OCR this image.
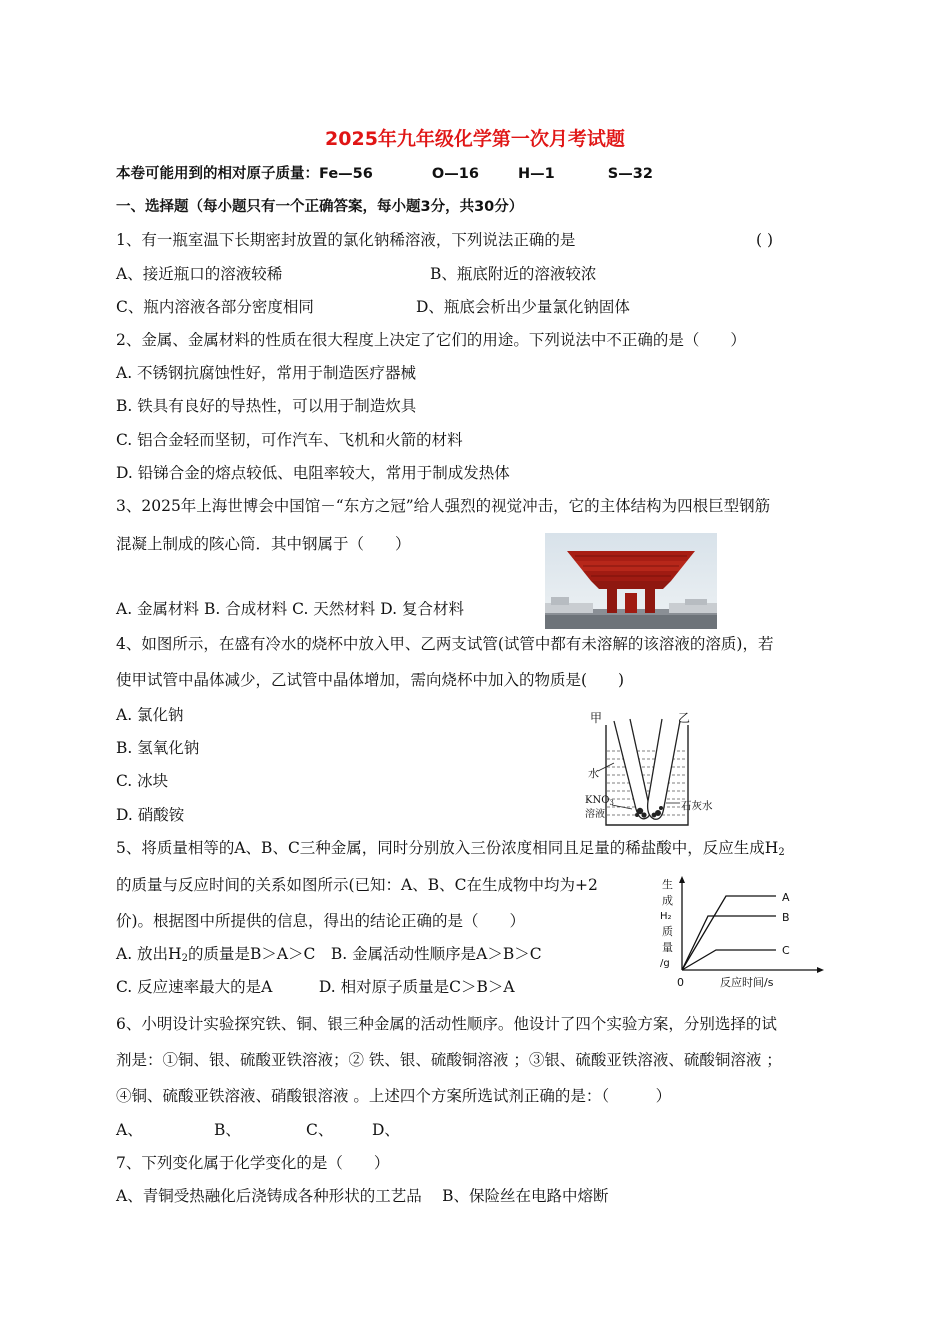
2025年九年级化学第一次月考试题
本卷可能用到的相对原子质量：Fe—56	O—16	H—1	S—32
一、选择题（每小题只有一个正确答案，每小题3分，共30分）
1、有一瓶室温下长期密封放置的氯化钠稀溶液，下列说法正确的是	( )
A、接近瓶口的溶液较稀	B、瓶底附近的溶液较浓
C、瓶内溶液各部分密度相同	D、瓶底会析出少量氯化钠固体
2、金属、金属材料的性质在很大程度上决定了它们的用途。下列说法中不正确的是（　　）
A. 不锈钢抗腐蚀性好，常用于制造医疗器械
B. 铁具有良好的导热性，可以用于制造炊具
C. 铝合金轻而坚韧，可作汽车、飞机和火箭的材料
D. 铅锑合金的熔点较低、电阻率较大，常用于制成发热体
3、2025年上海世博会中国馆－“东方之冠”给人强烈的视觉冲击，它的主体结构为四根巨型钢筋
混凝上制成的陔心筒．其中钢属于（　　）
A. 金属材料 B. 合成材料 C. 天然材料 D. 复合材料
4、如图所示，在盛有冷水的烧杯中放入甲、乙两支试管(试管中都有未溶解的该溶液的溶质)，若
使甲试管中晶体减少，乙试管中晶体增加，需向烧杯中加入的物质是(　　)
A. 氯化钠
B. 氢氧化钠
C. 冰块
D. 硝酸铵
甲	乙
水
$KNO_3$
溶液
石灰水
5、将质量相等的A、B、C三种金属，同时分别放入三份浓度相同且足量的稀盐酸中，反应生成$H_2$
的质量与反应时间的关系如图所示(已知：A、B、C在生成物中均为+2
价)。根据图中所提供的信息，得出的结论正确的是（　　）
A. 放出$H_2$的质量是B＞A＞C　B. 金属活动性顺序是A＞B＞C
C. 反应速率最大的是A　　　D. 相对原子质量是C＞B＞A
生
成
H₂
质
量
/g
0	反应时间/s
A
B
C
6、小明设计实验探究铁、铜、银三种金属的活动性顺序。他设计了四个实验方案，分别选择的试
剂是：①铜、银、硫酸亚铁溶液；② 铁、银、硫酸铜溶液 ；③银、硫酸亚铁溶液、硫酸铜溶液 ；
④铜、硫酸亚铁溶液、硝酸银溶液 。上述四个方案所选试剂正确的是：（　　　）
A、	B、	C、 D、
7、下列变化属于化学变化的是（　　）
A、青铜受热融化后浇铸成各种形状的工艺品　 B、保险丝在电路中熔断
